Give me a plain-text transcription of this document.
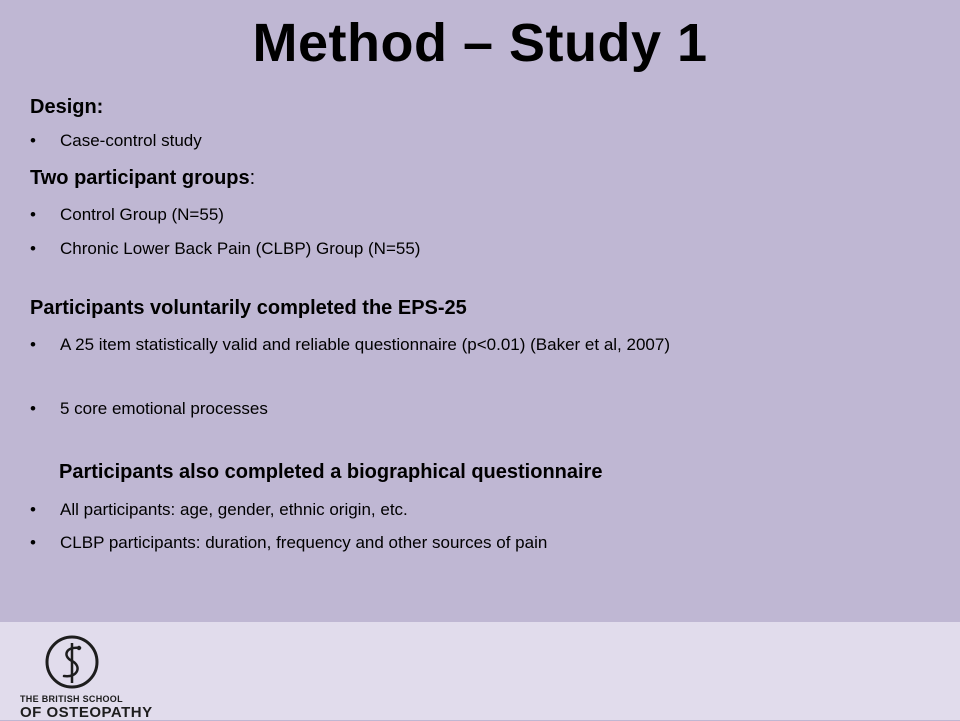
Method – Study 1
Design:
• Case-control study
Two participant groups:
• Control Group (N=55)
• Chronic Lower Back Pain (CLBP) Group (N=55)
Participants voluntarily completed the EPS-25
• A 25 item statistically valid and reliable questionnaire (p<0.01) (Baker et al, 2007)
• 5 core emotional processes
Participants also completed a biographical questionnaire
• All participants: age, gender, ethnic origin, etc.
• CLBP participants: duration, frequency and other sources of pain
THE BRITISH SCHOOL
OF OSTEOPATHY
